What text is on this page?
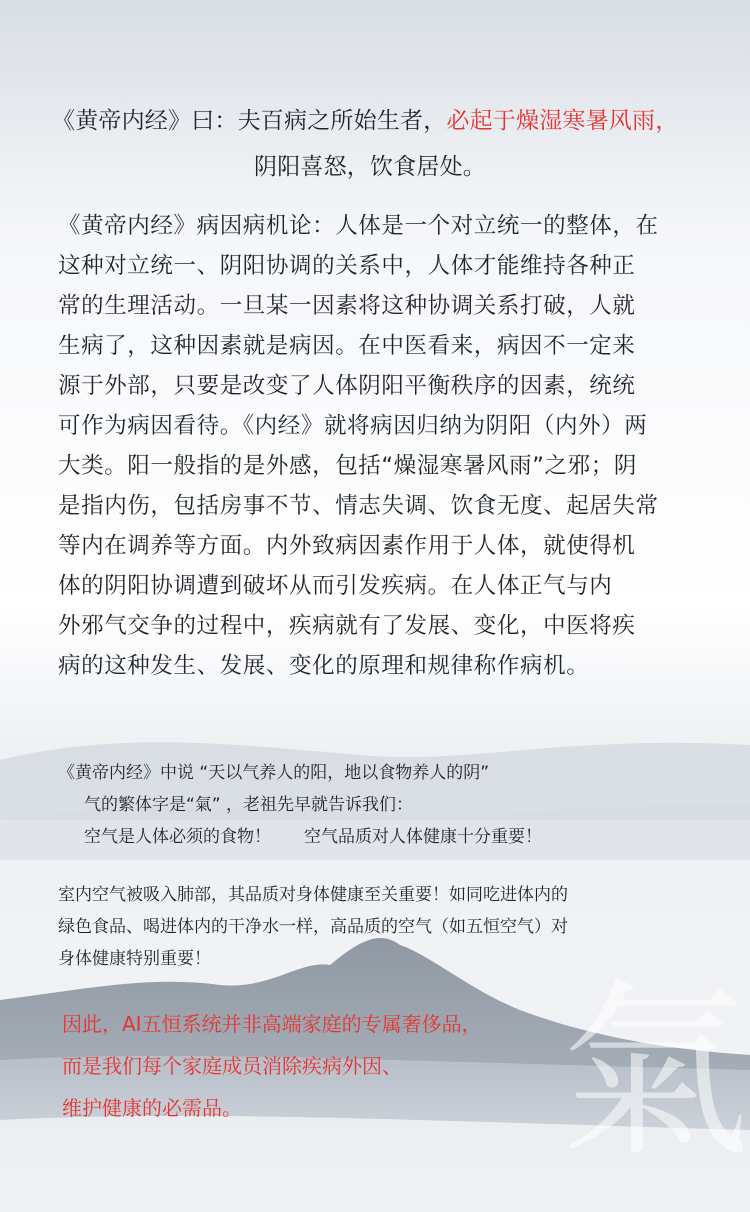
《黄帝内经》曰：夫百病之所始生者，必起于燥湿寒暑风雨，
阴阳喜怒，饮食居处。

《黄帝内经》病因病机论：人体是一个对立统一的整体，在

这种对立统一、阴阳协调的关系中，人体才能维持各种正

常的生理活动。一旦某一因素将这种协调关系打破，人就

生病了，这种因素就是病因。在中医看来，病因不一定来

源于外部，只要是改变了人体阴阳平衡秩序的因素，统统

可作为病因看待。《内经》就将病因归纳为阴阳（内外）两

大类。阳一般指的是外感，包括“燥湿寒暑风雨”之邪；阴

是指内伤，包括房事不节、情志失调、饮食无度、起居失常

等内在调养等方面。内外致病因素作用于人体，就使得机

体的阴阳协调遭到破坏从而引发疾病。在人体正气与内

外邪气交争的过程中，疾病就有了发展、变化，中医将疾

病的这种发生、发展、变化的原理和规律称作病机。

《黄帝内经》中说 “天以气养人的阳，地以食物养人的阴”
气的繁体字是“氣” ，老祖先早就告诉我们：
空气是人体必须的食物！ 空气品质对人体健康十分重要！
室内空气被吸入肺部，其品质对身体健康至关重要！如同吃进体内的
绿色食品、喝进体内的干净水一样，高品质的空气（如五恒空气）对
身体健康特别重要！
氣
因此，AI五恒系统并非高端家庭的专属奢侈品，
而是我们每个家庭成员消除疾病外因、
维护健康的必需品。
